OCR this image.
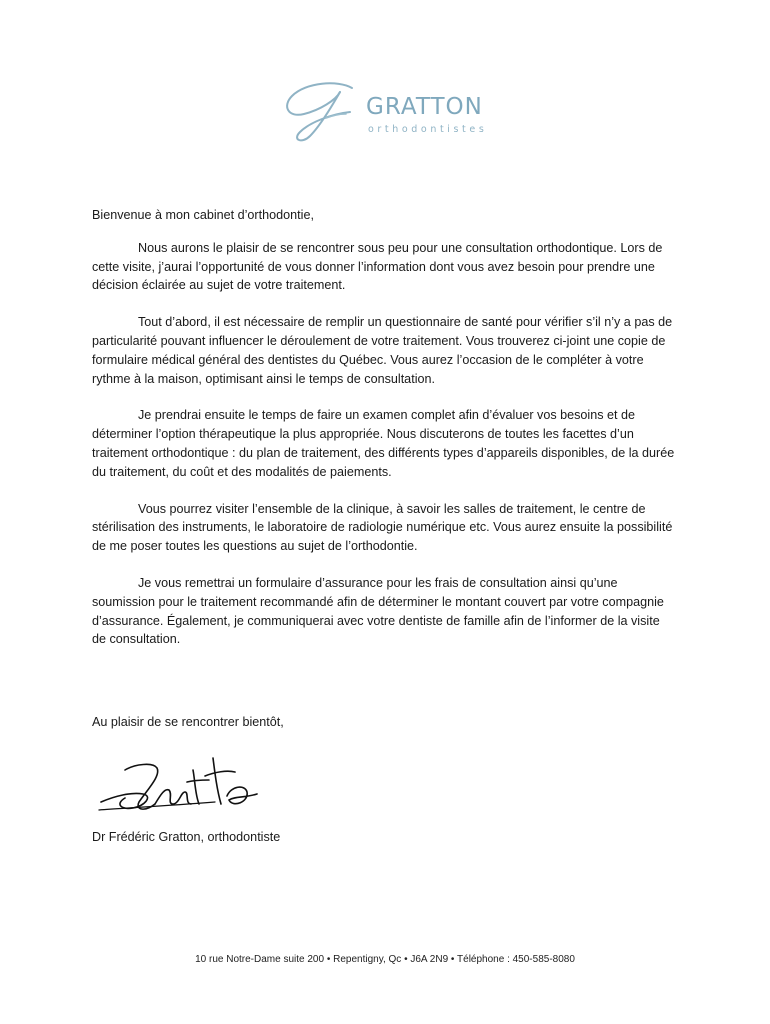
GRATTON
orthodontistes

Bienvenue à mon cabinet d’orthodontie,

Nous aurons le plaisir de se rencontrer sous peu pour une consultation orthodontique. Lors de cette visite, j’aurai l’opportunité de vous donner l’information dont vous avez besoin pour prendre une décision éclairée au sujet de votre traitement.

Tout d’abord, il est nécessaire de remplir un questionnaire de santé pour vérifier s’il n’y a pas de particularité pouvant influencer le déroulement de votre traitement. Vous trouverez ci-joint une copie de formulaire médical général des dentistes du Québec. Vous aurez l’occasion de le compléter à votre rythme à la maison, optimisant ainsi le temps de consultation.

Je prendrai ensuite le temps de faire un examen complet afin d’évaluer vos besoins et de déterminer l’option thérapeutique la plus appropriée. Nous discuterons de toutes les facettes d’un traitement orthodontique : du plan de traitement, des différents types d’appareils disponibles, de la durée du traitement, du coût et des modalités de paiements.

Vous pourrez visiter l’ensemble de la clinique, à savoir les salles de traitement, le centre de stérilisation des instruments, le laboratoire de radiologie numérique etc. Vous aurez ensuite la possibilité de me poser toutes les questions au sujet de l’orthodontie.

Je vous remettrai un formulaire d’assurance pour les frais de consultation ainsi qu’une soumission pour le traitement recommandé afin de déterminer le montant couvert par votre compagnie d’assurance. Également, je communiquerai avec votre dentiste de famille afin de l’informer de la visite de consultation.

Au plaisir de se rencontrer bientôt,
Dr Frédéric Gratton, orthodontiste
10 rue Notre-Dame suite 200 • Repentigny, Qc • J6A 2N9 • Téléphone : 450-585-8080
